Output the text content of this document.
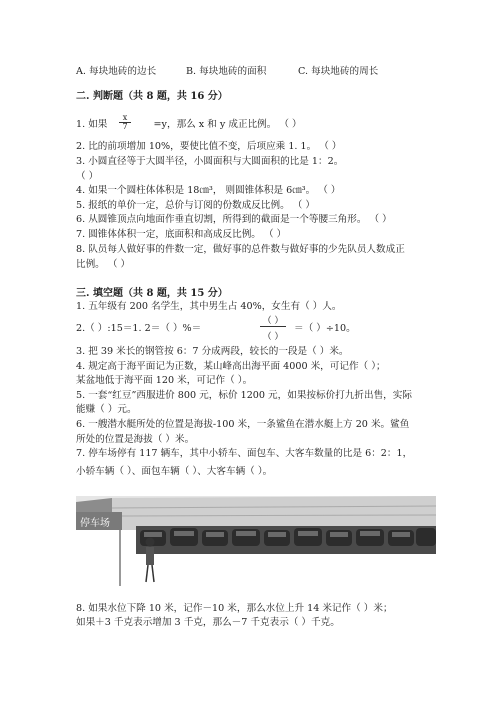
A. 每块地砖的边长	B. 每块地砖的面积	C. 每块地砖的周长
二. 判断题（共 8 题，共 16 分）
1. 如果	=y，那么 x 和 y 成正比例。 （ ）
$\frac{x}{7}$
2. 比的前项增加 10%，要使比值不变，后项应乘 1. 1。 （ ）
3. 小圆直径等于大圆半径，小圆面积与大圆面积的比是 1：2。
（ ）
4. 如果一个圆柱体体积是 18㎝³， 则圆锥体积是 6㎝³。 （ ）
5. 报纸的单价一定，总价与订阅的份数成反比例。 （ ）
6. 从圆锥顶点向地面作垂直切割，所得到的截面是一个等腰三角形。 （ ）
7. 圆锥体体积一定，底面积和高成反比例。 （ ）
8. 队员每人做好事的件数一定，做好事的总件数与做好事的少先队员人数成正
比例。 （ ）
三. 填空题（共 8 题，共 15 分）
1. 五年级有 200 名学生，其中男生占 40%，女生有（ ）人。
2.（ ）:15＝1. 2＝（ ）%＝
（ ）
（ ）
＝（ ）÷10。
3. 把 39 米长的钢管按 6：7 分成两段，较长的一段是（ ）米。
4. 规定高于海平面记为正数，某山峰高出海平面 4000 米，可记作（ ）；
某盆地低于海平面 120 米，可记作（ ）。
5. 一套“红豆”西服进价 800 元，标价 1200 元，如果按标价打九折出售，实际
能赚（ ）元。
6. 一艘潜水艇所处的位置是海拔-100 米，一条鲨鱼在潜水艇上方 20 米。鲨鱼
所处的位置是海拔（ ）米。
7. 停车场停有 117 辆车，其中小轿车、面包车、大客车数量的比是 6：2：1，
小轿车辆（ ）、面包车辆（ ）、大客车辆（ ）。
停车场
8. 如果水位下降 10 米，记作－10 米，那么水位上升 14 米记作（ ）米；
如果＋3 千克表示增加 3 千克，那么－7 千克表示（ ）千克。
